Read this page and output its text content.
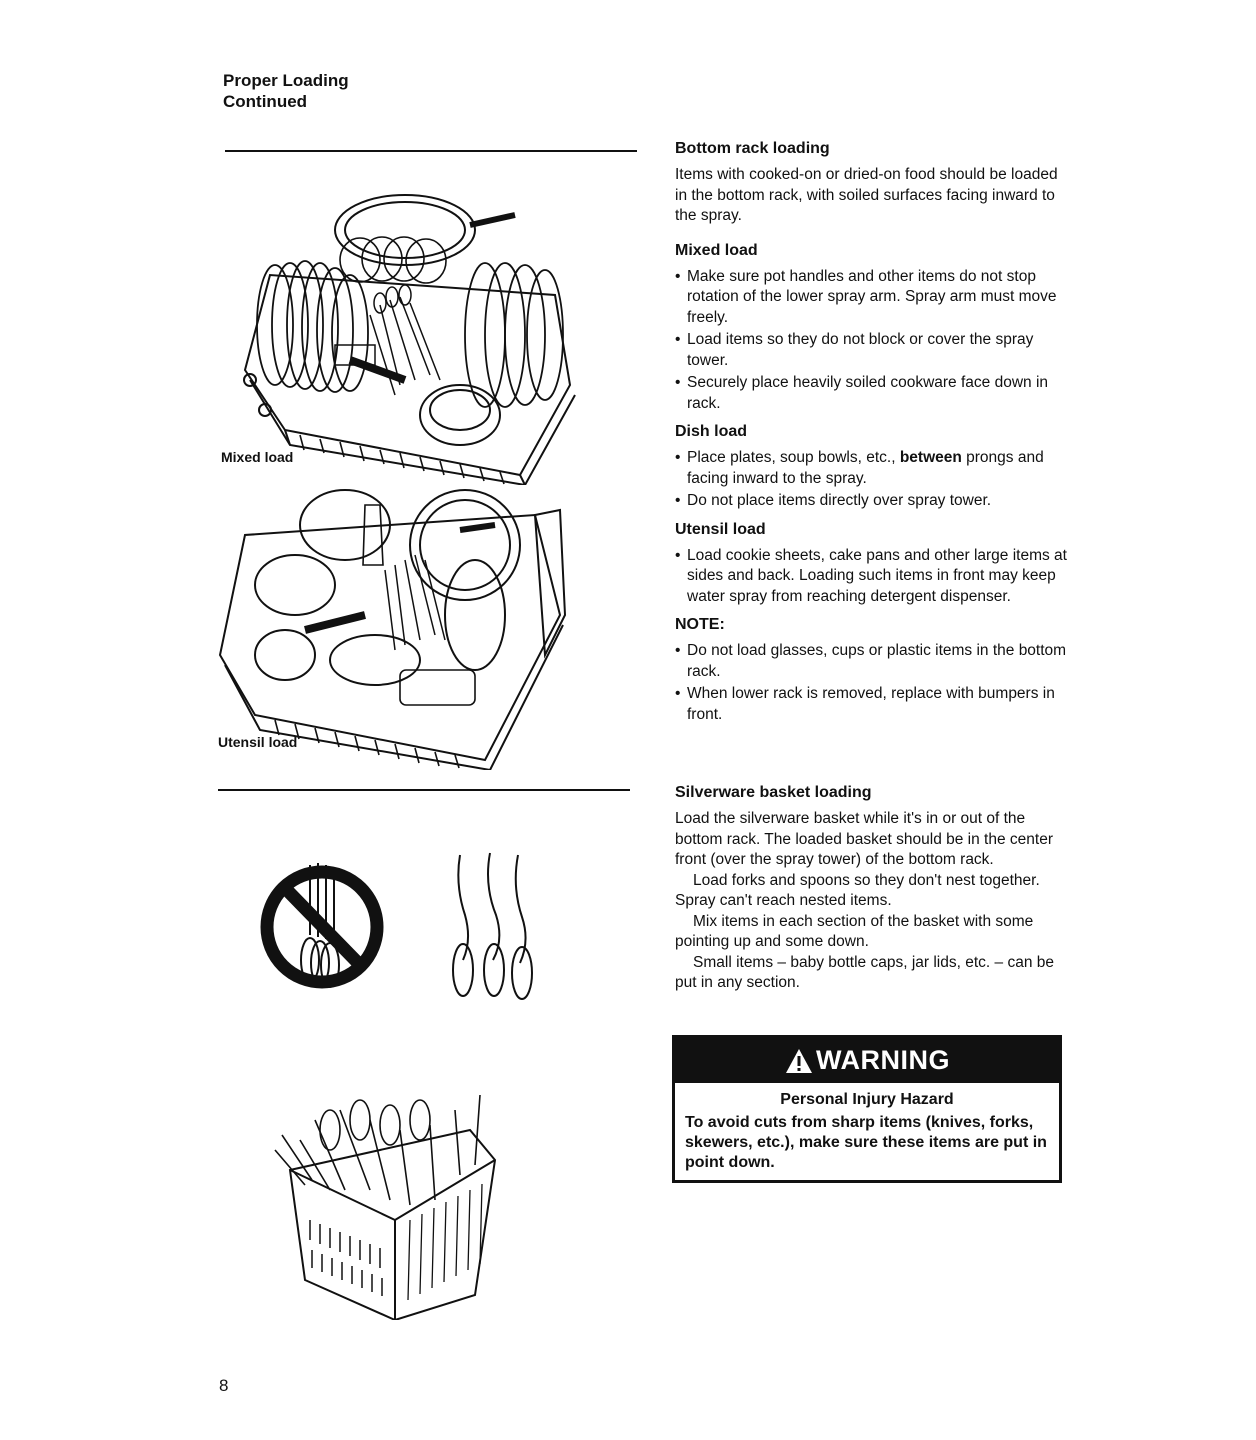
Proper Loading
Continued
Mixed load
Utensil load
Bottom rack loading

Items with cooked-on or dried-on food should be loaded in the bottom rack, with soiled surfaces facing inward to the spray.

Mixed load
• Make sure pot handles and other items do not stop rotation of the lower spray arm. Spray arm must move freely.
• Load items so they do not block or cover the spray tower.
• Securely place heavily soiled cookware face down in rack.
Dish load
• Place plates, soup bowls, etc., between prongs and facing inward to the spray.
• Do not place items directly over spray tower.
Utensil load
• Load cookie sheets, cake pans and other large items at sides and back. Loading such items in front may keep water spray from reaching detergent dispenser.
NOTE:
• Do not load glasses, cups or plastic items in the bottom rack.
• When lower rack is removed, replace with bumpers in front.
Silverware basket loading

Load the silverware basket while it's in or out of the bottom rack. The loaded basket should be in the center front (over the spray tower) of the bottom rack.

Load forks and spoons so they don't nest together. Spray can't reach nested items.

Mix items in each section of the basket with some pointing up and some down.

Small items – baby bottle caps, jar lids, etc. – can be put in any section.

WARNING
Personal Injury Hazard
To avoid cuts from sharp items (knives, forks, skewers, etc.), make sure these items are put in point down.
8
